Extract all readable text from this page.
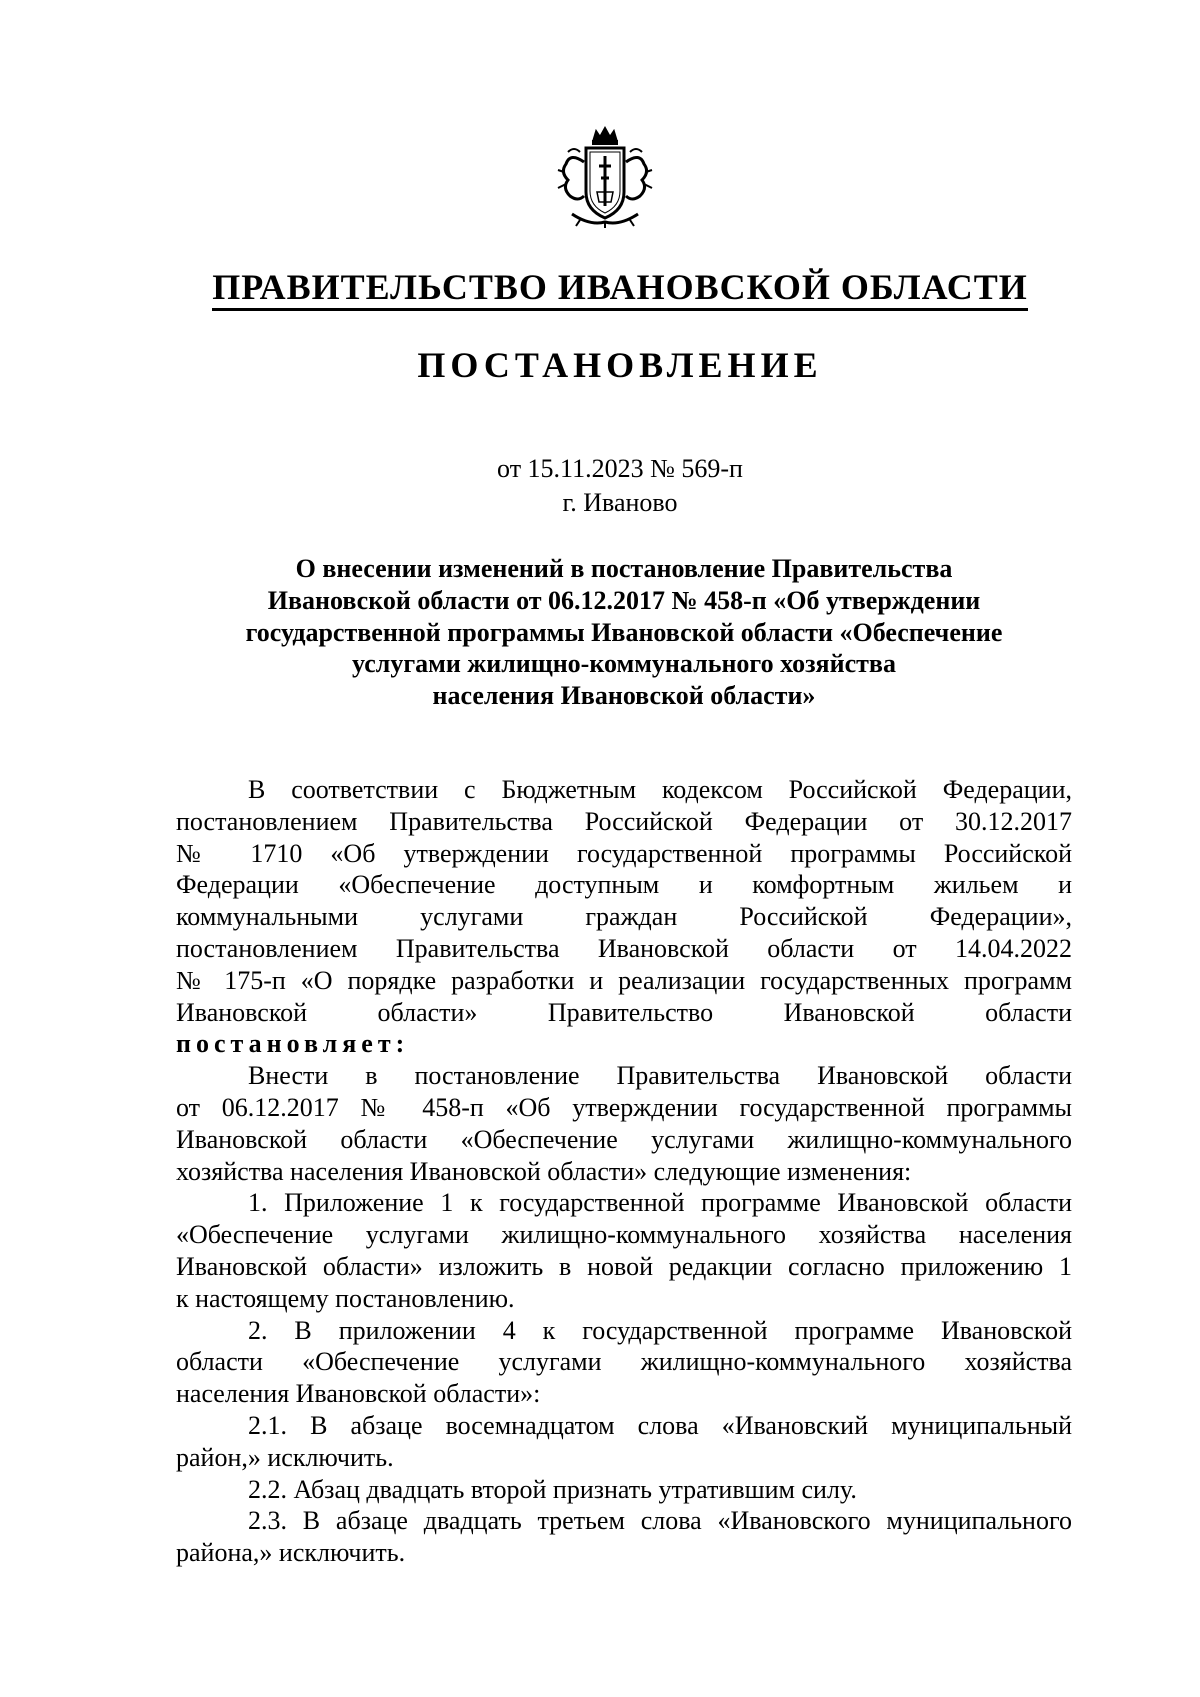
ПРАВИТЕЛЬСТВО ИВАНОВСКОЙ ОБЛАСТИ
ПОСТАНОВЛЕНИЕ
от 15.11.2023 № 569-п
г. Иваново
О внесении изменений в постановление Правительства
Ивановской области от 06.12.2017 № 458-п «Об утверждении
государственной программы Ивановской области «Обеспечение
услугами жилищно-коммунального хозяйства
населения Ивановской области»
В соответствии с Бюджетным кодексом Российской Федерации,
постановлением Правительства Российской Федерации от 30.12.2017
№ 1710 «Об утверждении государственной программы Российской
Федерации «Обеспечение доступным и комфортным жильем и
коммунальными услугами граждан Российской Федерации»,
постановлением Правительства Ивановской области от 14.04.2022
№ 175-п «О порядке разработки и реализации государственных программ
Ивановской области» Правительство Ивановской области
постановляет:
Внести в постановление Правительства Ивановской области
от 06.12.2017 № 458-п «Об утверждении государственной программы
Ивановской области «Обеспечение услугами жилищно-коммунального
хозяйства населения Ивановской области» следующие изменения:
1. Приложение 1 к государственной программе Ивановской области
«Обеспечение услугами жилищно-коммунального хозяйства населения
Ивановской области» изложить в новой редакции согласно приложению 1
к настоящему постановлению.
2. В приложении 4 к государственной программе Ивановской
области «Обеспечение услугами жилищно-коммунального хозяйства
населения Ивановской области»:
2.1. В абзаце восемнадцатом слова «Ивановский муниципальный
район,» исключить.
2.2. Абзац двадцать второй признать утратившим силу.
2.3. В абзаце двадцать третьем слова «Ивановского муниципального
района,» исключить.
